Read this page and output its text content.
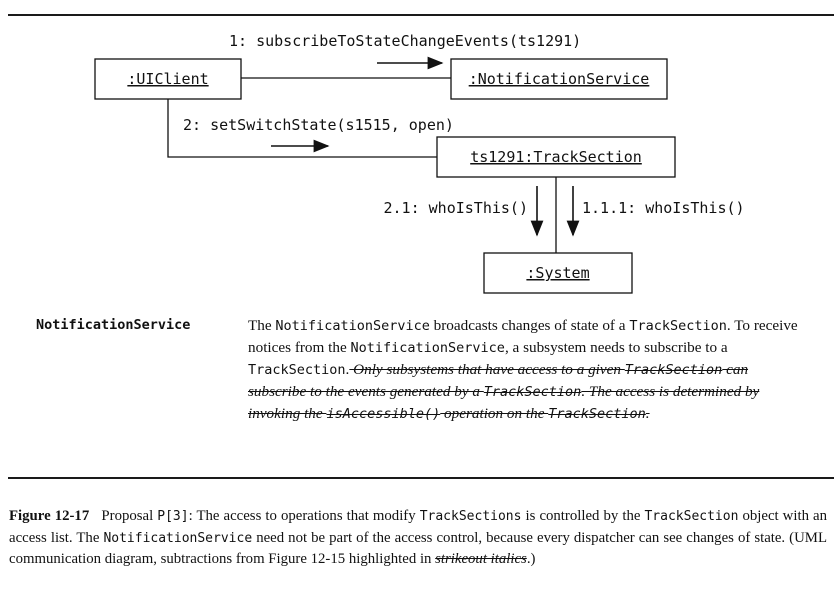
:UIClient	:NotificationService
ts1291:TrackSection
:System
1: subscribeToStateChangeEvents(ts1291)
2: setSwitchState(s1515, open)
2.1: whoIsThis()	1.1.1: whoIsThis()
NotificationService	The NotificationService broadcasts changes of state of a TrackSection. To receive notices from the NotificationService, a subsystem needs to subscribe to a TrackSection. Only subsystems that have access to a given TrackSection can subscribe to the events generated by a TrackSection. The access is determined by invoking the isAccessible() operation on the TrackSection.
Figure 12-17   Proposal P[3]: The access to operations that modify TrackSections is controlled by the TrackSection object with an access list. The NotificationService need not be part of the access control, because every dispatcher can see changes of state. (UML communication diagram, subtractions from Figure 12-15 highlighted in strikeout italics.)
